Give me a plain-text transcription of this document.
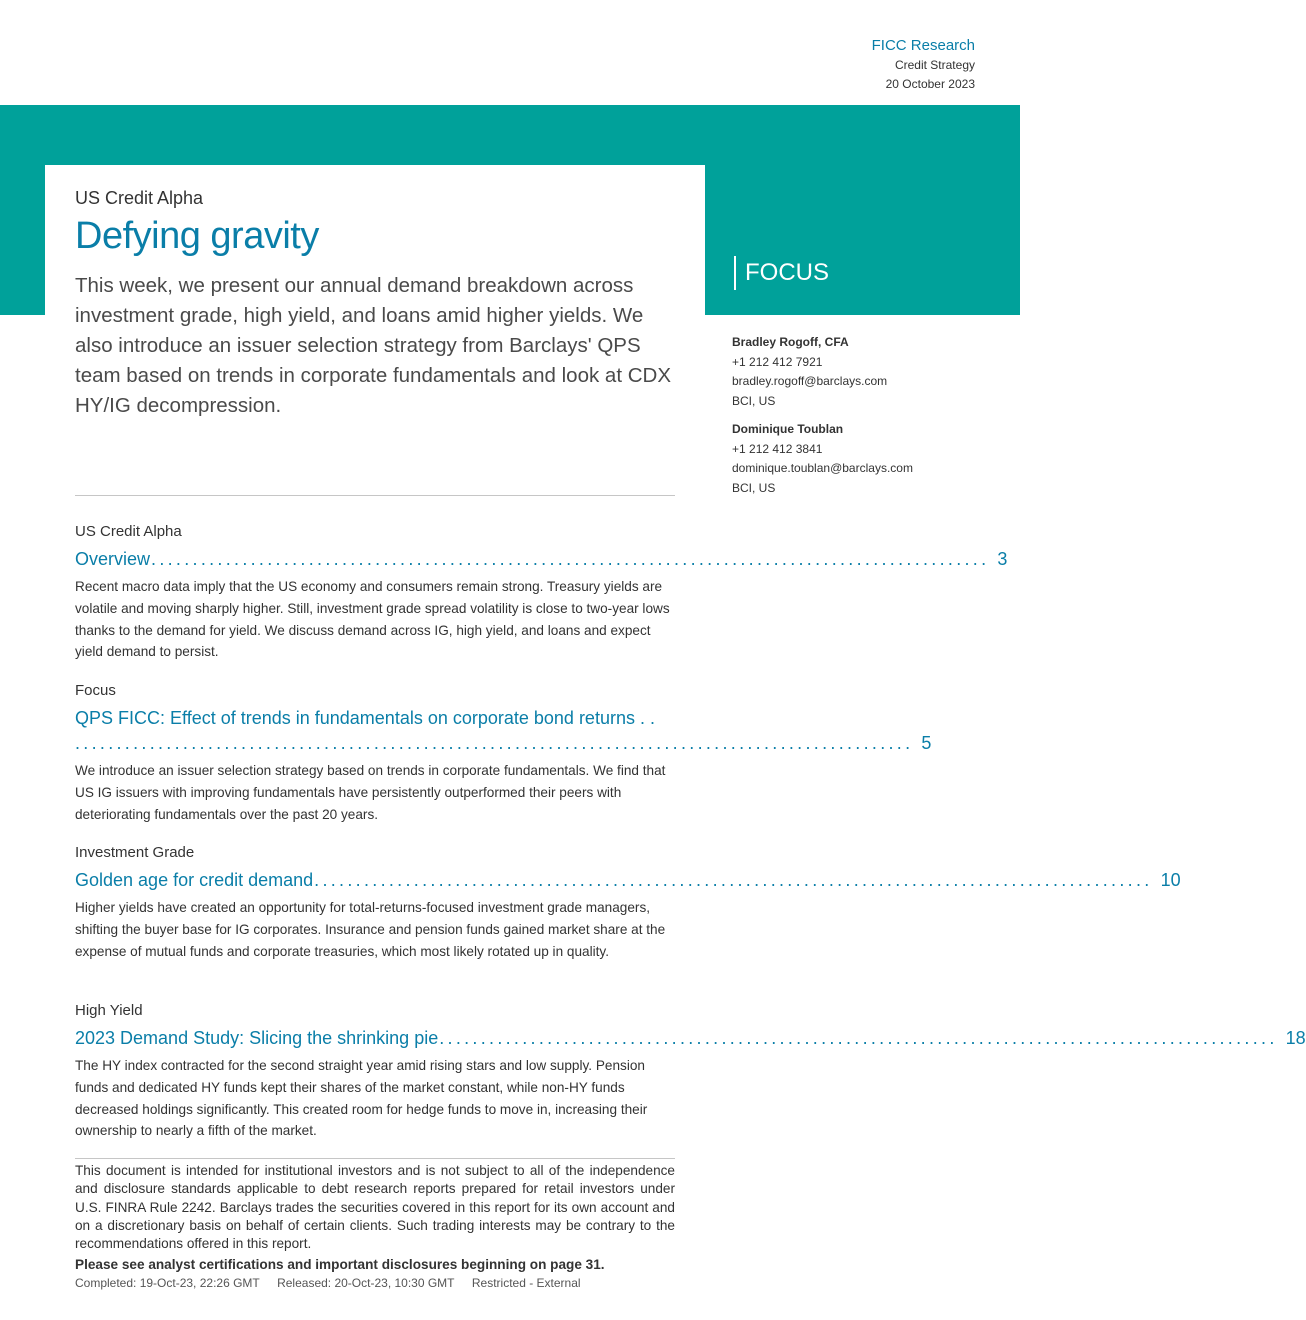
FICC Research
Credit Strategy
20 October 2023
US Credit Alpha
Defying gravity
This week, we present our annual demand breakdown across investment grade, high yield, and loans amid higher yields. We also introduce an issuer selection strategy from Barclays' QPS team based on trends in corporate fundamentals and look at CDX HY/IG decompression.
FOCUS
Bradley Rogoff, CFA
+1 212 412 7921
bradley.rogoff@barclays.com
BCI, US
Dominique Toublan
+1 212 412 3841
dominique.toublan@barclays.com
BCI, US
US Credit Alpha
Overview ..................................................................................................... 3
Recent macro data imply that the US economy and consumers remain strong. Treasury yields are volatile and moving sharply higher. Still, investment grade spread volatility is close to two-year lows thanks to the demand for yield. We discuss demand across IG, high yield, and loans and expect yield demand to persist.
Focus
QPS FICC: Effect of trends in fundamentals on corporate bond returns . .
..................................................................................................... 5
We introduce an issuer selection strategy based on trends in corporate fundamentals. We find that US IG issuers with improving fundamentals have persistently outperformed their peers with deteriorating fundamentals over the past 20 years.
Investment Grade
Golden age for credit demand ..................................................................................................... 10
Higher yields have created an opportunity for total-returns-focused investment grade managers, shifting the buyer base for IG corporates. Insurance and pension funds gained market share at the expense of mutual funds and corporate treasuries, which most likely rotated up in quality.
High Yield
2023 Demand Study: Slicing the shrinking pie ..................................................................................................... 18
The HY index contracted for the second straight year amid rising stars and low supply. Pension funds and dedicated HY funds kept their shares of the market constant, while non-HY funds decreased holdings significantly. This created room for hedge funds to move in, increasing their ownership to nearly a fifth of the market.
This document is intended for institutional investors and is not subject to all of the independence and disclosure standards applicable to debt research reports prepared for retail investors under U.S. FINRA Rule 2242. Barclays trades the securities covered in this report for its own account and on a discretionary basis on behalf of certain clients. Such trading interests may be contrary to the recommendations offered in this report.
Please see analyst certifications and important disclosures beginning on page 31.
Completed: 19-Oct-23, 22:26 GMT Released: 20-Oct-23, 10:30 GMT Restricted - External
